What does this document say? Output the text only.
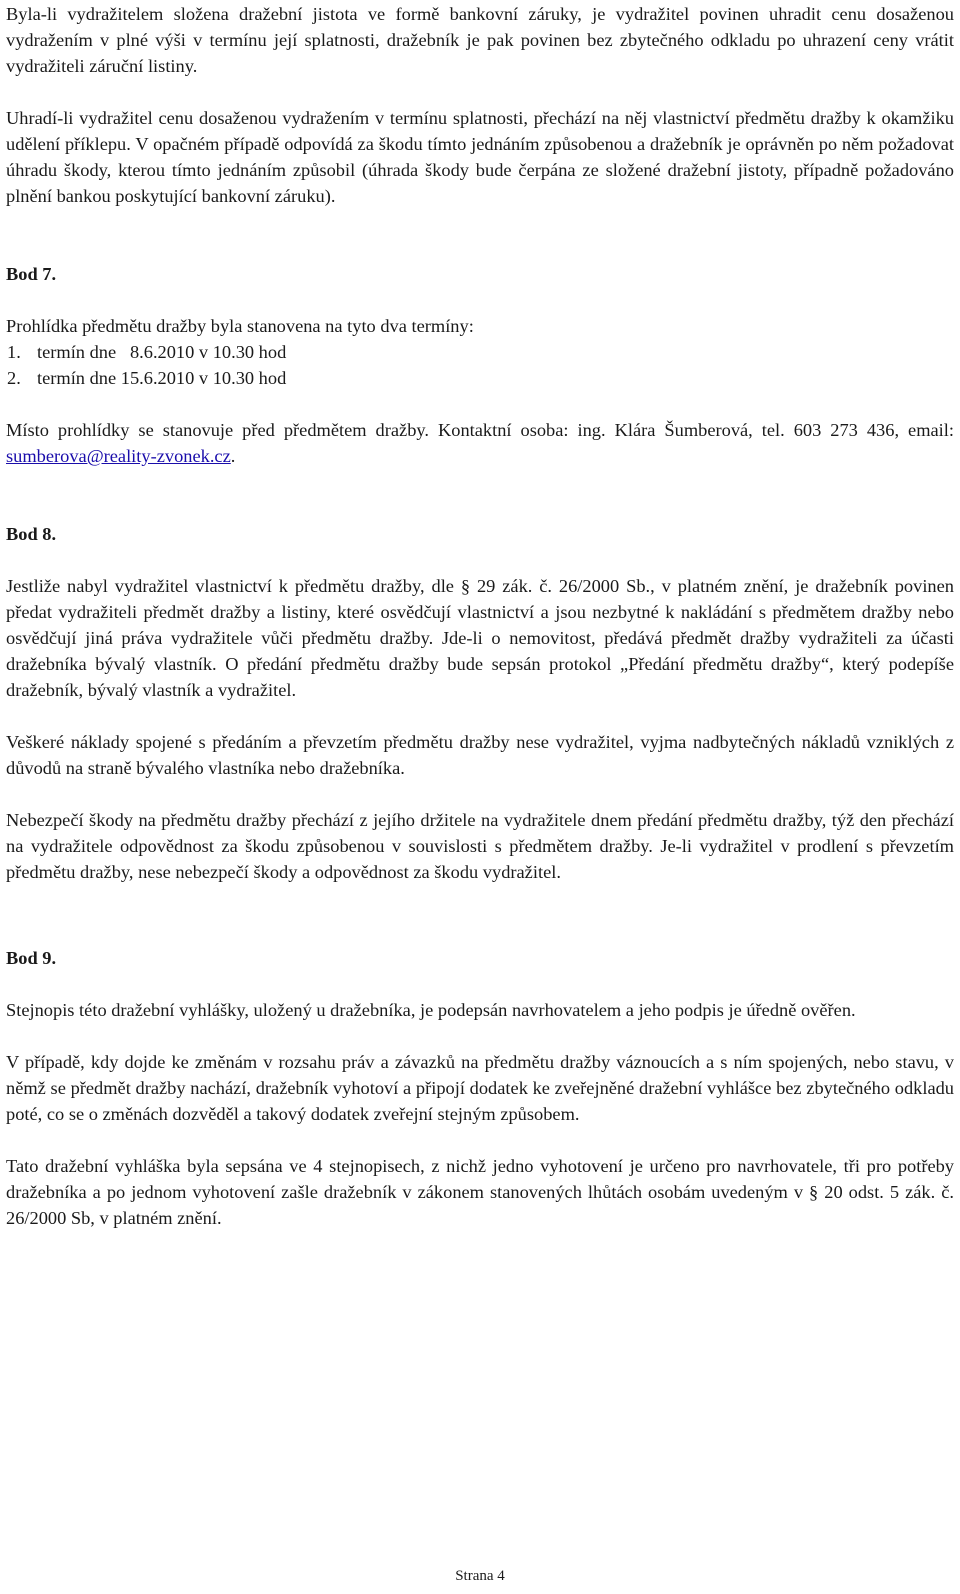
Byla-li vydražitelem složena dražební jistota ve formě bankovní záruky, je vydražitel povinen uhradit cenu dosaženou vydražením v plné výši v termínu její splatnosti, dražebník je pak povinen bez zbytečného odkladu po uhrazení ceny vrátit vydražiteli záruční listiny.

Uhradí-li vydražitel cenu dosaženou vydražením v termínu splatnosti, přechází na něj vlastnictví předmětu dražby k okamžiku udělení příklepu. V opačném případě odpovídá za škodu tímto jednáním způsobenou a dražebník je oprávněn po něm požadovat úhradu škody, kterou tímto jednáním způsobil (úhrada škody bude čerpána ze složené dražební jistoty, případně požadováno plnění bankou poskytující bankovní záruku).

Bod 7.

Prohlídka předmětu dražby byla stanovena na tyto dva termíny:

1. termín dne   8.6.2010 v 10.30 hod
2. termín dne 15.6.2010 v 10.30 hod

Místo prohlídky se stanovuje před předmětem dražby. Kontaktní osoba: ing. Klára Šumberová, tel. 603 273 436, email: sumberova@reality-zvonek.cz.

Bod 8.

Jestliže nabyl vydražitel vlastnictví k předmětu dražby, dle § 29 zák. č. 26/2000 Sb., v platném znění, je dražebník povinen předat vydražiteli předmět dražby a listiny, které osvědčují vlastnictví a jsou nezbytné k nakládání s předmětem dražby nebo osvědčují jiná práva vydražitele vůči předmětu dražby. Jde-li o nemovitost, předává předmět dražby vydražiteli za účasti dražebníka bývalý vlastník. O předání předmětu dražby bude sepsán protokol „Předání předmětu dražby“, který podepíše dražebník, bývalý vlastník a vydražitel.

Veškeré náklady spojené s předáním a převzetím předmětu dražby nese vydražitel, vyjma nadbytečných nákladů vzniklých z důvodů na straně bývalého vlastníka nebo dražebníka.

Nebezpečí škody na předmětu dražby přechází z jejího držitele na vydražitele dnem předání předmětu dražby, týž den přechází na vydražitele odpovědnost za škodu způsobenou v souvislosti s předmětem dražby. Je-li vydražitel v prodlení s převzetím předmětu dražby, nese nebezpečí škody a odpovědnost za škodu vydražitel.

Bod 9.

Stejnopis této dražební vyhlášky, uložený u dražebníka, je podepsán navrhovatelem a jeho podpis je úředně ověřen.

V případě, kdy dojde ke změnám v rozsahu práv a závazků na předmětu dražby váznoucích a s ním spojených, nebo stavu, v němž se předmět dražby nachází, dražebník vyhotoví a připojí dodatek ke zveřejněné dražební vyhlášce bez zbytečného odkladu poté, co se o změnách dozvěděl a takový dodatek zveřejní stejným způsobem.

Tato dražební vyhláška byla sepsána ve 4 stejnopisech, z nichž jedno vyhotovení je určeno pro navrhovatele, tři pro potřeby dražebníka a po jednom vyhotovení zašle dražebník v zákonem stanovených lhůtách osobám uvedeným v § 20 odst. 5 zák. č. 26/2000 Sb, v platném znění.

Strana 4
